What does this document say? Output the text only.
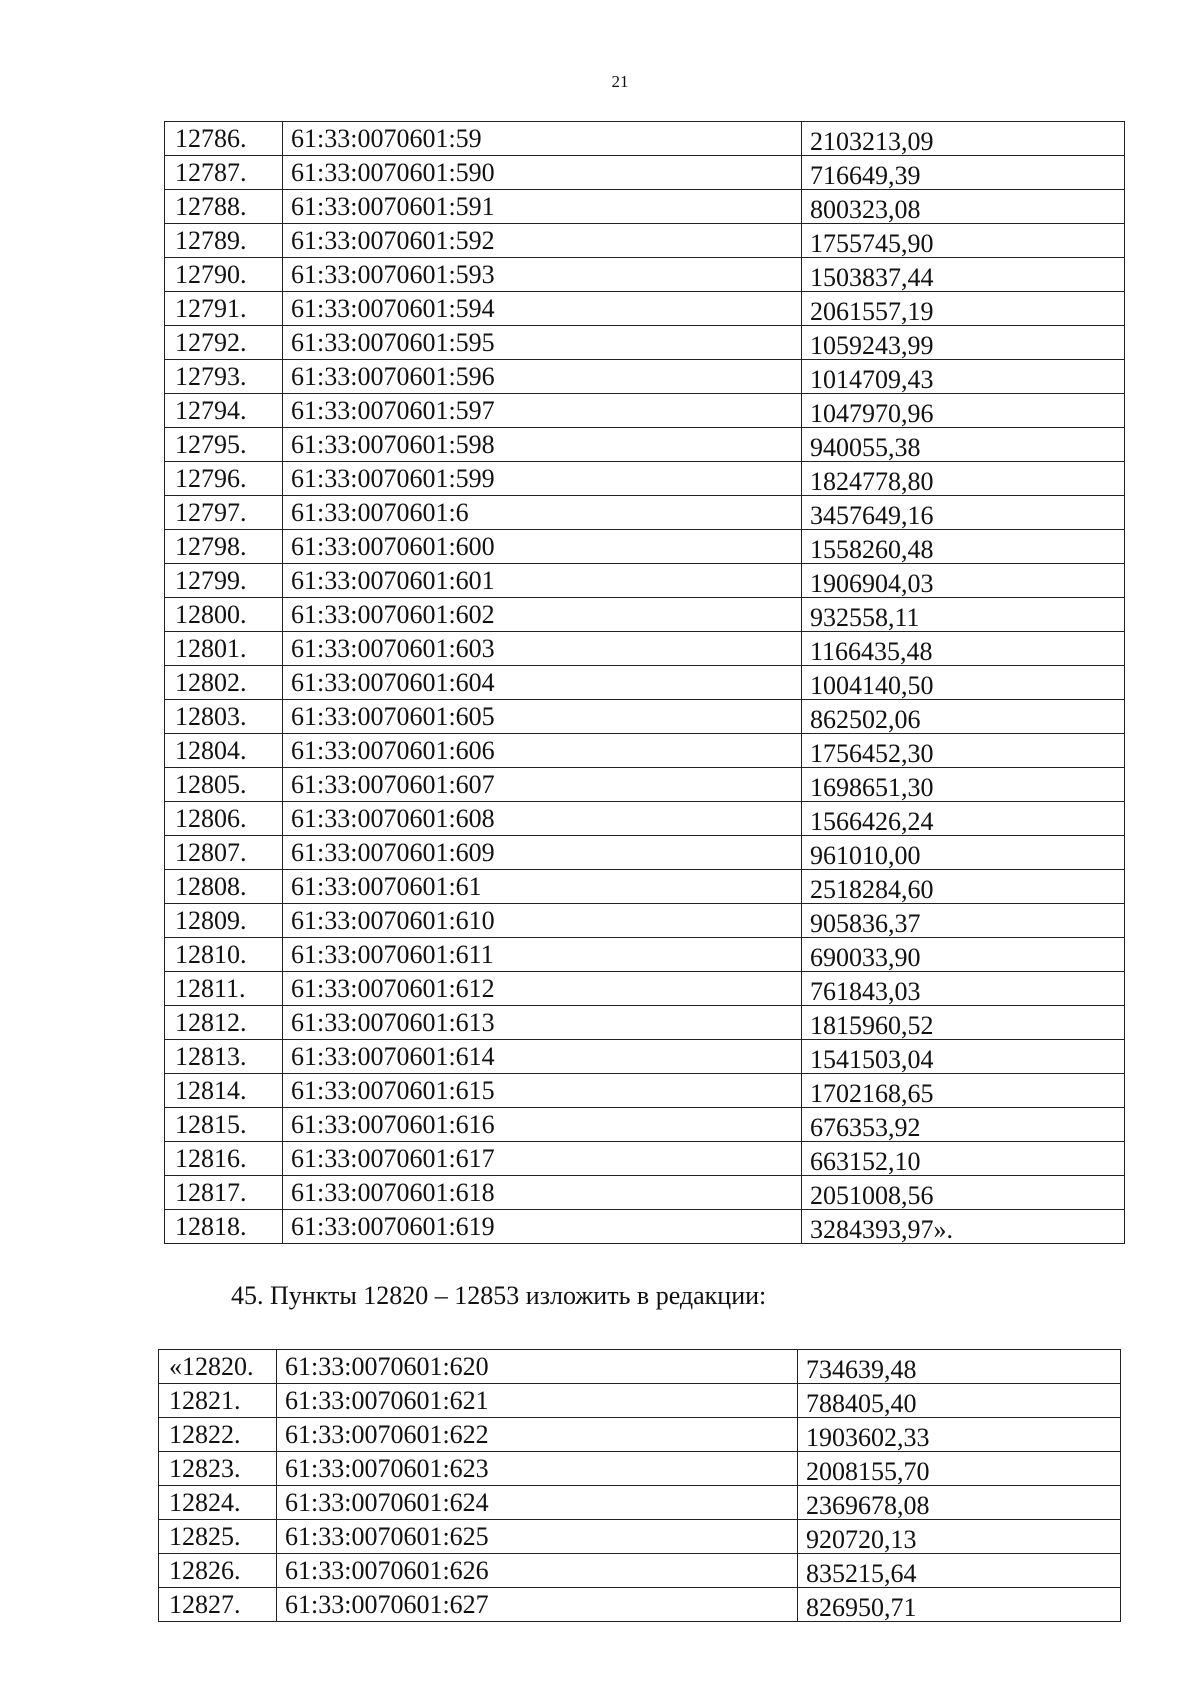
21
12786.	61:33:0070601:59	2103213,09
12787.	61:33:0070601:590	716649,39
12788.	61:33:0070601:591	800323,08
12789.	61:33:0070601:592	1755745,90
12790.	61:33:0070601:593	1503837,44
12791.	61:33:0070601:594	2061557,19
12792.	61:33:0070601:595	1059243,99
12793.	61:33:0070601:596	1014709,43
12794.	61:33:0070601:597	1047970,96
12795.	61:33:0070601:598	940055,38
12796.	61:33:0070601:599	1824778,80
12797.	61:33:0070601:6	3457649,16
12798.	61:33:0070601:600	1558260,48
12799.	61:33:0070601:601	1906904,03
12800.	61:33:0070601:602	932558,11
12801.	61:33:0070601:603	1166435,48
12802.	61:33:0070601:604	1004140,50
12803.	61:33:0070601:605	862502,06
12804.	61:33:0070601:606	1756452,30
12805.	61:33:0070601:607	1698651,30
12806.	61:33:0070601:608	1566426,24
12807.	61:33:0070601:609	961010,00
12808.	61:33:0070601:61	2518284,60
12809.	61:33:0070601:610	905836,37
12810.	61:33:0070601:611	690033,90
12811.	61:33:0070601:612	761843,03
12812.	61:33:0070601:613	1815960,52
12813.	61:33:0070601:614	1541503,04
12814.	61:33:0070601:615	1702168,65
12815.	61:33:0070601:616	676353,92
12816.	61:33:0070601:617	663152,10
12817.	61:33:0070601:618	2051008,56
12818.	61:33:0070601:619	3284393,97».
45. Пункты 12820 – 12853 изложить в редакции:
«12820.	61:33:0070601:620	734639,48
12821.	61:33:0070601:621	788405,40
12822.	61:33:0070601:622	1903602,33
12823.	61:33:0070601:623	2008155,70
12824.	61:33:0070601:624	2369678,08
12825.	61:33:0070601:625	920720,13
12826.	61:33:0070601:626	835215,64
12827.	61:33:0070601:627	826950,71
